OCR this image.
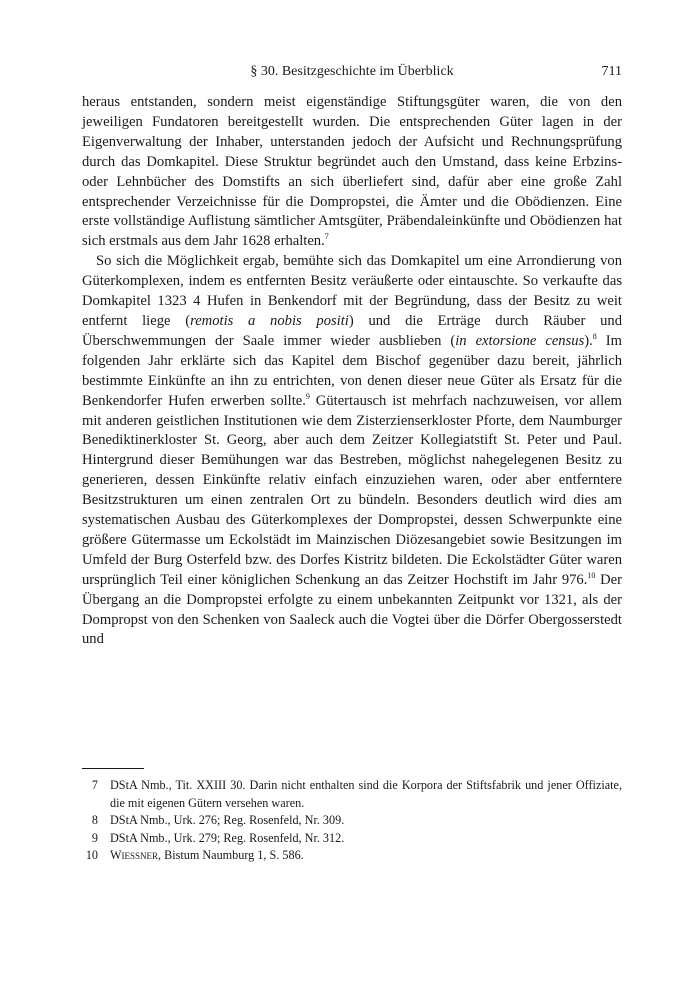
§ 30. Besitzgeschichte im Überblick	711

heraus entstanden, sondern meist eigenständige Stiftungsgüter waren, die von den jeweiligen Fundatoren bereitgestellt wurden. Die entsprechenden Güter lagen in der Eigenverwaltung der Inhaber, unterstanden jedoch der Aufsicht und Rechnungsprüfung durch das Domkapitel. Diese Struktur begründet auch den Umstand, dass keine Erbzins- oder Lehnbücher des Domstifts an sich überliefert sind, dafür aber eine große Zahl entsprechender Verzeichnisse für die Dompropstei, die Ämter und die Obödienzen. Eine erste vollständige Auflistung sämtlicher Amtsgüter, Präbendaleinkünfte und Obödienzen hat sich erstmals aus dem Jahr 1628 erhalten.$^7$

So sich die Möglichkeit ergab, bemühte sich das Domkapitel um eine Arrondierung von Güterkomplexen, indem es entfernten Besitz veräußerte oder eintauschte. So verkaufte das Domkapitel 1323 4 Hufen in Benkendorf mit der Begründung, dass der Besitz zu weit entfernt liege (remotis a nobis positi) und die Erträge durch Räuber und Überschwemmungen der Saale immer wieder ausblieben (in extorsione census).$^8$ Im folgenden Jahr erklärte sich das Kapitel dem Bischof gegenüber dazu bereit, jährlich bestimmte Einkünfte an ihn zu entrichten, von denen dieser neue Güter als Ersatz für die Benkendorfer Hufen erwerben sollte.$^9$ Gütertausch ist mehrfach nachzuweisen, vor allem mit anderen geistlichen Institutionen wie dem Zisterzienserkloster Pforte, dem Naumburger Benediktinerkloster St. Georg, aber auch dem Zeitzer Kollegiatstift St. Peter und Paul. Hintergrund dieser Bemühungen war das Bestreben, möglichst nahegelegenen Besitz zu generieren, dessen Einkünfte relativ einfach einzuziehen waren, oder aber entferntere Besitzstrukturen um einen zentralen Ort zu bündeln. Besonders deutlich wird dies am systematischen Ausbau des Güterkomplexes der Dompropstei, dessen Schwerpunkte eine größere Gütermasse um Eckolstädt im Mainzischen Diözesangebiet sowie Besitzungen im Umfeld der Burg Osterfeld bzw. des Dorfes Kistritz bildeten. Die Eckolstädter Güter waren ursprünglich Teil einer königlichen Schenkung an das Zeitzer Hochstift im Jahr 976.10 Der Übergang an die Dompropstei erfolgte zu einem unbekannten Zeitpunkt vor 1321, als der Dompropst von den Schenken von Saaleck auch die Vogtei über die Dörfer Obergosserstedt und

7 DStA Nmb., Tit. XXIII 30. Darin nicht enthalten sind die Korpora der Stiftsfabrik und jener Offiziate, die mit eigenen Gütern versehen waren.
8 DStA Nmb., Urk. 276; Reg. Rosenfeld, Nr. 309.
9 DStA Nmb., Urk. 279; Reg. Rosenfeld, Nr. 312.
10 Wiessner, Bistum Naumburg 1, S. 586.
